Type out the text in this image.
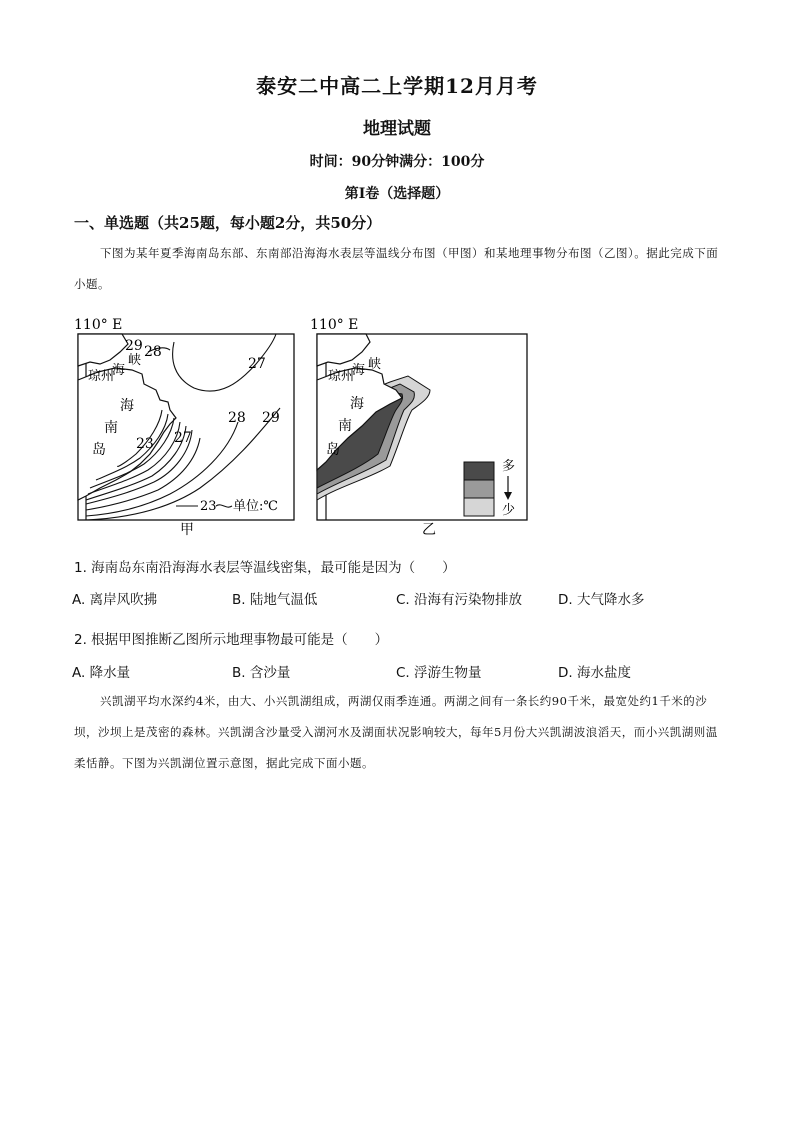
泰安二中高二上学期12月月考
地理试题
时间：90分钟满分：100分
第I卷（选择题）
一、单选题（共25题，每小题2分，共50分）
下图为某年夏季海南岛东部、东南部沿海海水表层等温线分布图（甲图）和某地理事物分布图（乙图）。据此完成下面小题。
110° E
29 28
27
28 29
23 27
琼州
海
峡
海
南
岛
23 单位:℃
甲
110° E
琼州
海 峡
海
南
岛
多
少
乙
1. 海南岛东南沿海海水表层等温线密集，最可能是因为（　　）
A. 离岸风吹拂	B. 陆地气温低	C. 沿海有污染物排放	D. 大气降水多
2. 根据甲图推断乙图所示地理事物最可能是（　　）
A. 降水量	B. 含沙量	C. 浮游生物量	D. 海水盐度
兴凯湖平均水深约4米，由大、小兴凯湖组成，两湖仅雨季连通。两湖之间有一条长约90千米，最宽处约1千米的沙坝，沙坝上是茂密的森林。兴凯湖含沙量受入湖河水及湖面状况影响较大，每年5月份大兴凯湖波浪滔天，而小兴凯湖则温柔恬静。下图为兴凯湖位置示意图，据此完成下面小题。
